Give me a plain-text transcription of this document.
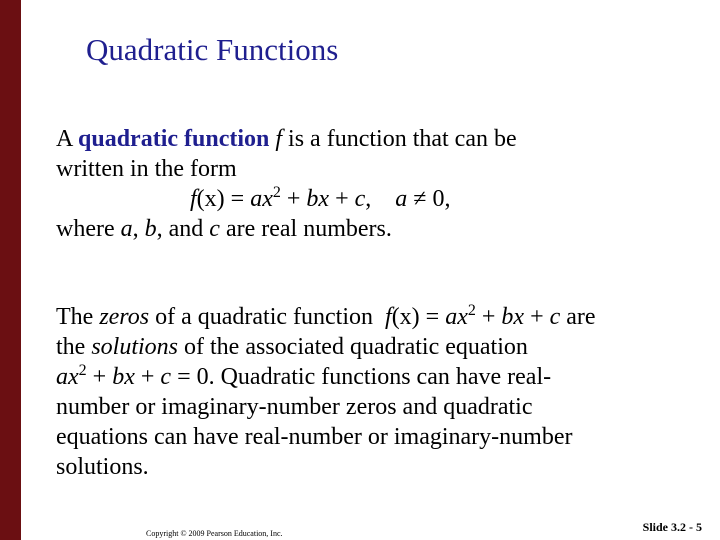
Quadratic Functions
A quadratic function f is a function that can be
written in the form
$f(x) = ax^2$ + bx + c,    a ≠ 0,
where a, b, and c are real numbers.
The zeros of a quadratic function  $f(x) = ax^2$ + bx + c are
the solutions of the associated quadratic equation
$ax^2$ + bx + c = 0. Quadratic functions can have real-
number or imaginary-number zeros and quadratic
equations can have real-number or imaginary-number
solutions.
Copyright © 2009 Pearson Education, Inc.	Slide 3.2 - 5
